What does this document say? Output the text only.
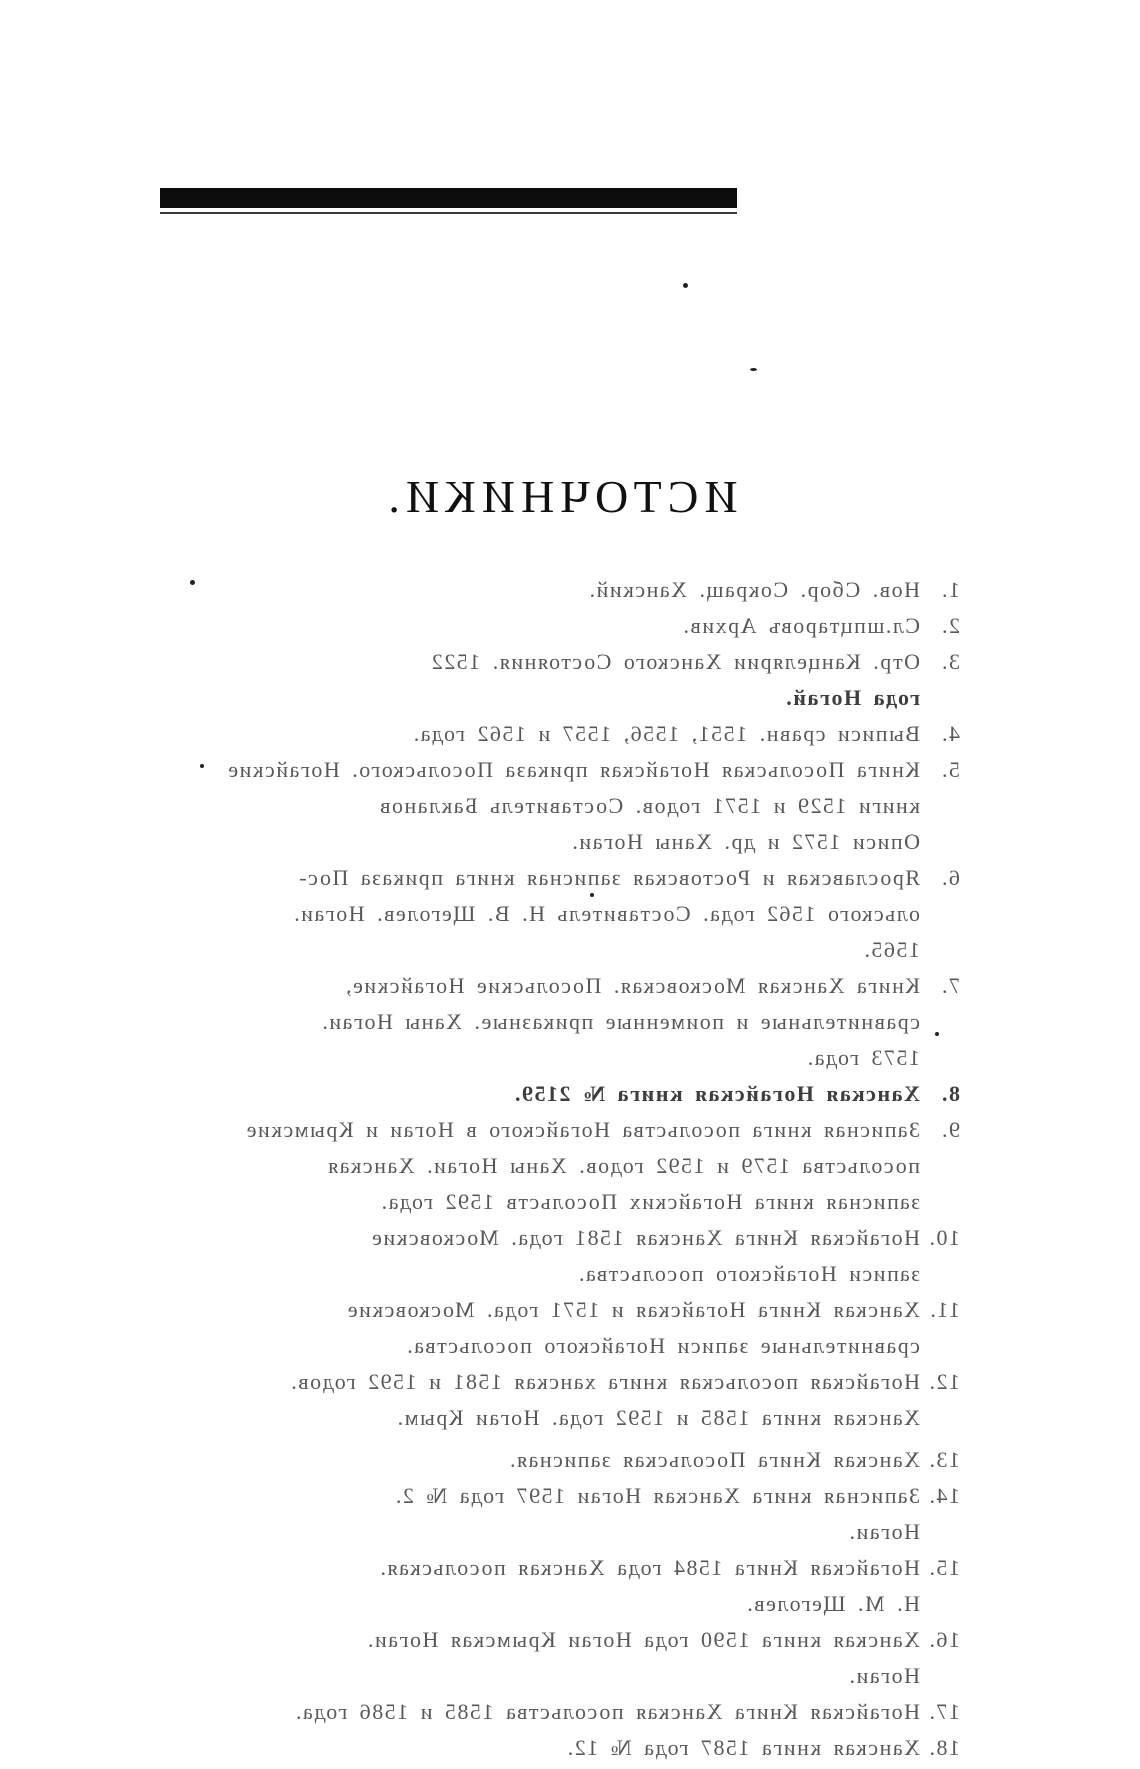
ИСТОЧНИКИ.
1.
Нов. Сбор. Сокращ. Ханский.
2.
Сл.шпцтаровъ Архив.
3.
Отр. Канцелярии Ханского Состояния. 1522
года Ногай.
4.
Выписи сравн. 1551, 1556, 1557 и 1562 года.
5.
Книга Посольская Ногайская приказа Посольского. Ногайские
книги 1529 и 1571 годов. Составитель Бакланов
Описи 1572 и др. Ханы Ногаи.
6.
Ярославская и Ростовская записная книга приказа Пос-
ольского 1562 года. Составитель Н. В. Щеголев. Ногаи.
1565.
7.
Книга Ханская Московская. Посольские Ногайские,
сравнительные и поименные приказные. Ханы Ногаи.
1573 года.
8.
Ханская Ногайская книга № 2159.
9.
Записная книга посольства Ногайского в Ногаи и Крымские
посольства 1579 и 1592 годов. Ханы Ногаи. Ханская
записная книга Ногайских Посольств 1592 года.
10.
Ногайская Книга Ханская 1581 года. Московские
записи Ногайского посольства.
11.
Ханская Книга Ногайская и 1571 года. Московские
сравнительные записи Ногайского посольства.
12.
Ногайская посольская книга ханская 1581 и 1592 годов.
Ханская книга 1585 и 1592 года. Ногаи Крым.
13.
Ханская Книга Посольская записная.
14.
Записная книга Ханская Ногаи 1597 года № 2.
Ногаи.
15.
Ногайская Книга 1584 года Ханская посольская.
Н. М. Щеголев.
16.
Ханская книга 1590 года Ногаи Крымская Ногаи.
Ногаи.
17.
Ногайская Книга Ханская посольства 1585 и 1586 года.
18.
Ханская книга 1587 года № 12.
